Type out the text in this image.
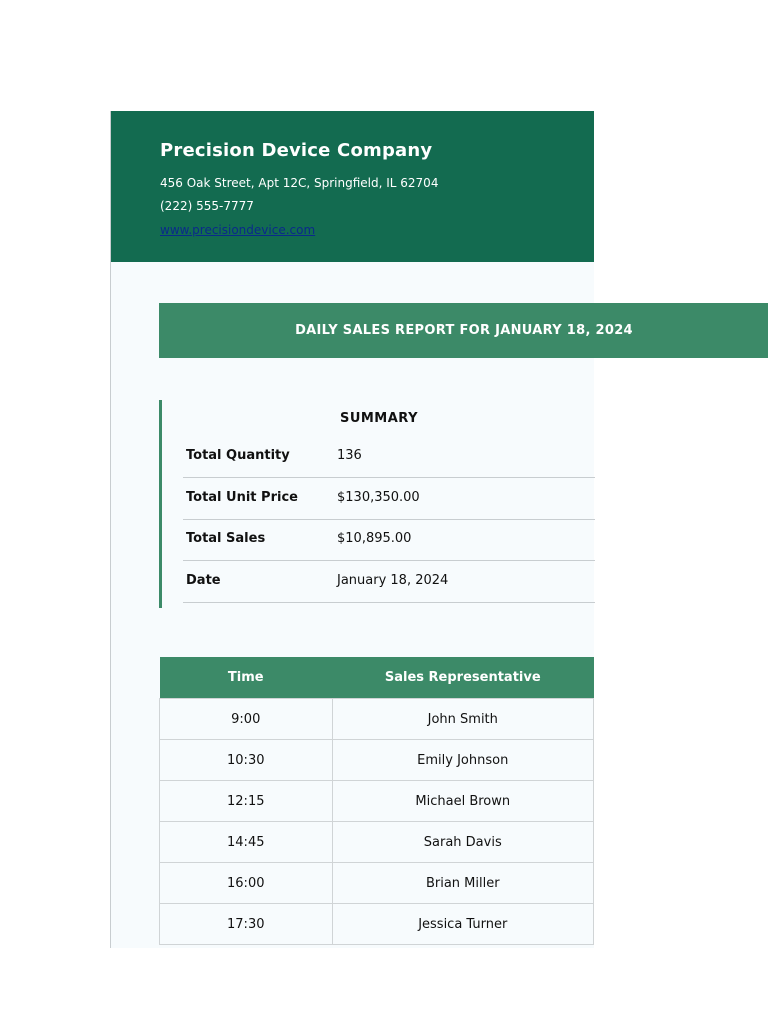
Precision Device Company
456 Oak Street, Apt 12C, Springfield, IL 62704
(222) 555-7777
www.precisiondevice.com
DAILY SALES REPORT FOR JANUARY 18, 2024
SUMMARY
Total Quantity	136
Total Unit Price	$130,350.00
Total Sales	$10,895.00
Date	January 18, 2024
Time	Sales Representative
9:00	John Smith
10:30	Emily Johnson
12:15	Michael Brown
14:45	Sarah Davis
16:00	Brian Miller
17:30	Jessica Turner
